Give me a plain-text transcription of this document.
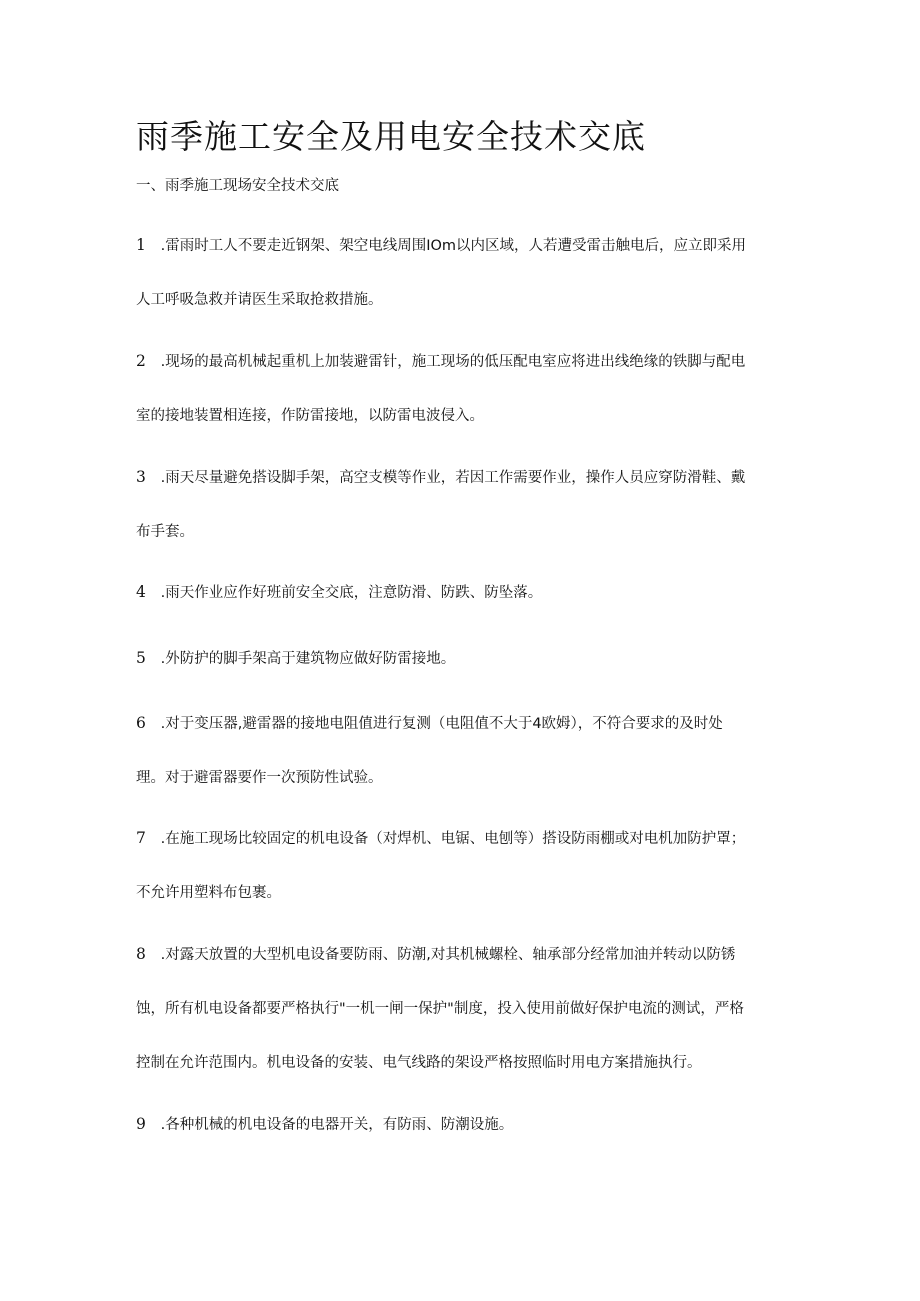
雨季施工安全及用电安全技术交底
一、雨季施工现场安全技术交底
1 .雷雨时工人不要走近钢架、架空电线周围IOm以内区域，人若遭受雷击触电后，应立即采用
人工呼吸急救并请医生采取抢救措施。
2 .现场的最高机械起重机上加装避雷针，施工现场的低压配电室应将进出线绝缘的铁脚与配电
室的接地装置相连接，作防雷接地，以防雷电波侵入。
3 .雨天尽量避免搭设脚手架，高空支模等作业，若因工作需要作业，操作人员应穿防滑鞋、戴
布手套。
4 .雨天作业应作好班前安全交底，注意防滑、防跌、防坠落。
5 .外防护的脚手架高于建筑物应做好防雷接地。
6 .对于变压器,避雷器的接地电阻值进行复测（电阻值不大于4欧姆），不符合要求的及时处
理。对于避雷器要作一次预防性试验。
7 .在施工现场比较固定的机电设备（对焊机、电锯、电刨等）搭设防雨棚或对电机加防护罩；
不允许用塑料布包裹。
8 .对露天放置的大型机电设备要防雨、防潮,对其机械螺栓、轴承部分经常加油并转动以防锈
蚀，所有机电设备都要严格执行"一机一闸一保护"制度，投入使用前做好保护电流的测试，严格
控制在允许范围内。机电设备的安装、电气线路的架设严格按照临时用电方案措施执行。
9 .各种机械的机电设备的电器开关，有防雨、防潮设施。
